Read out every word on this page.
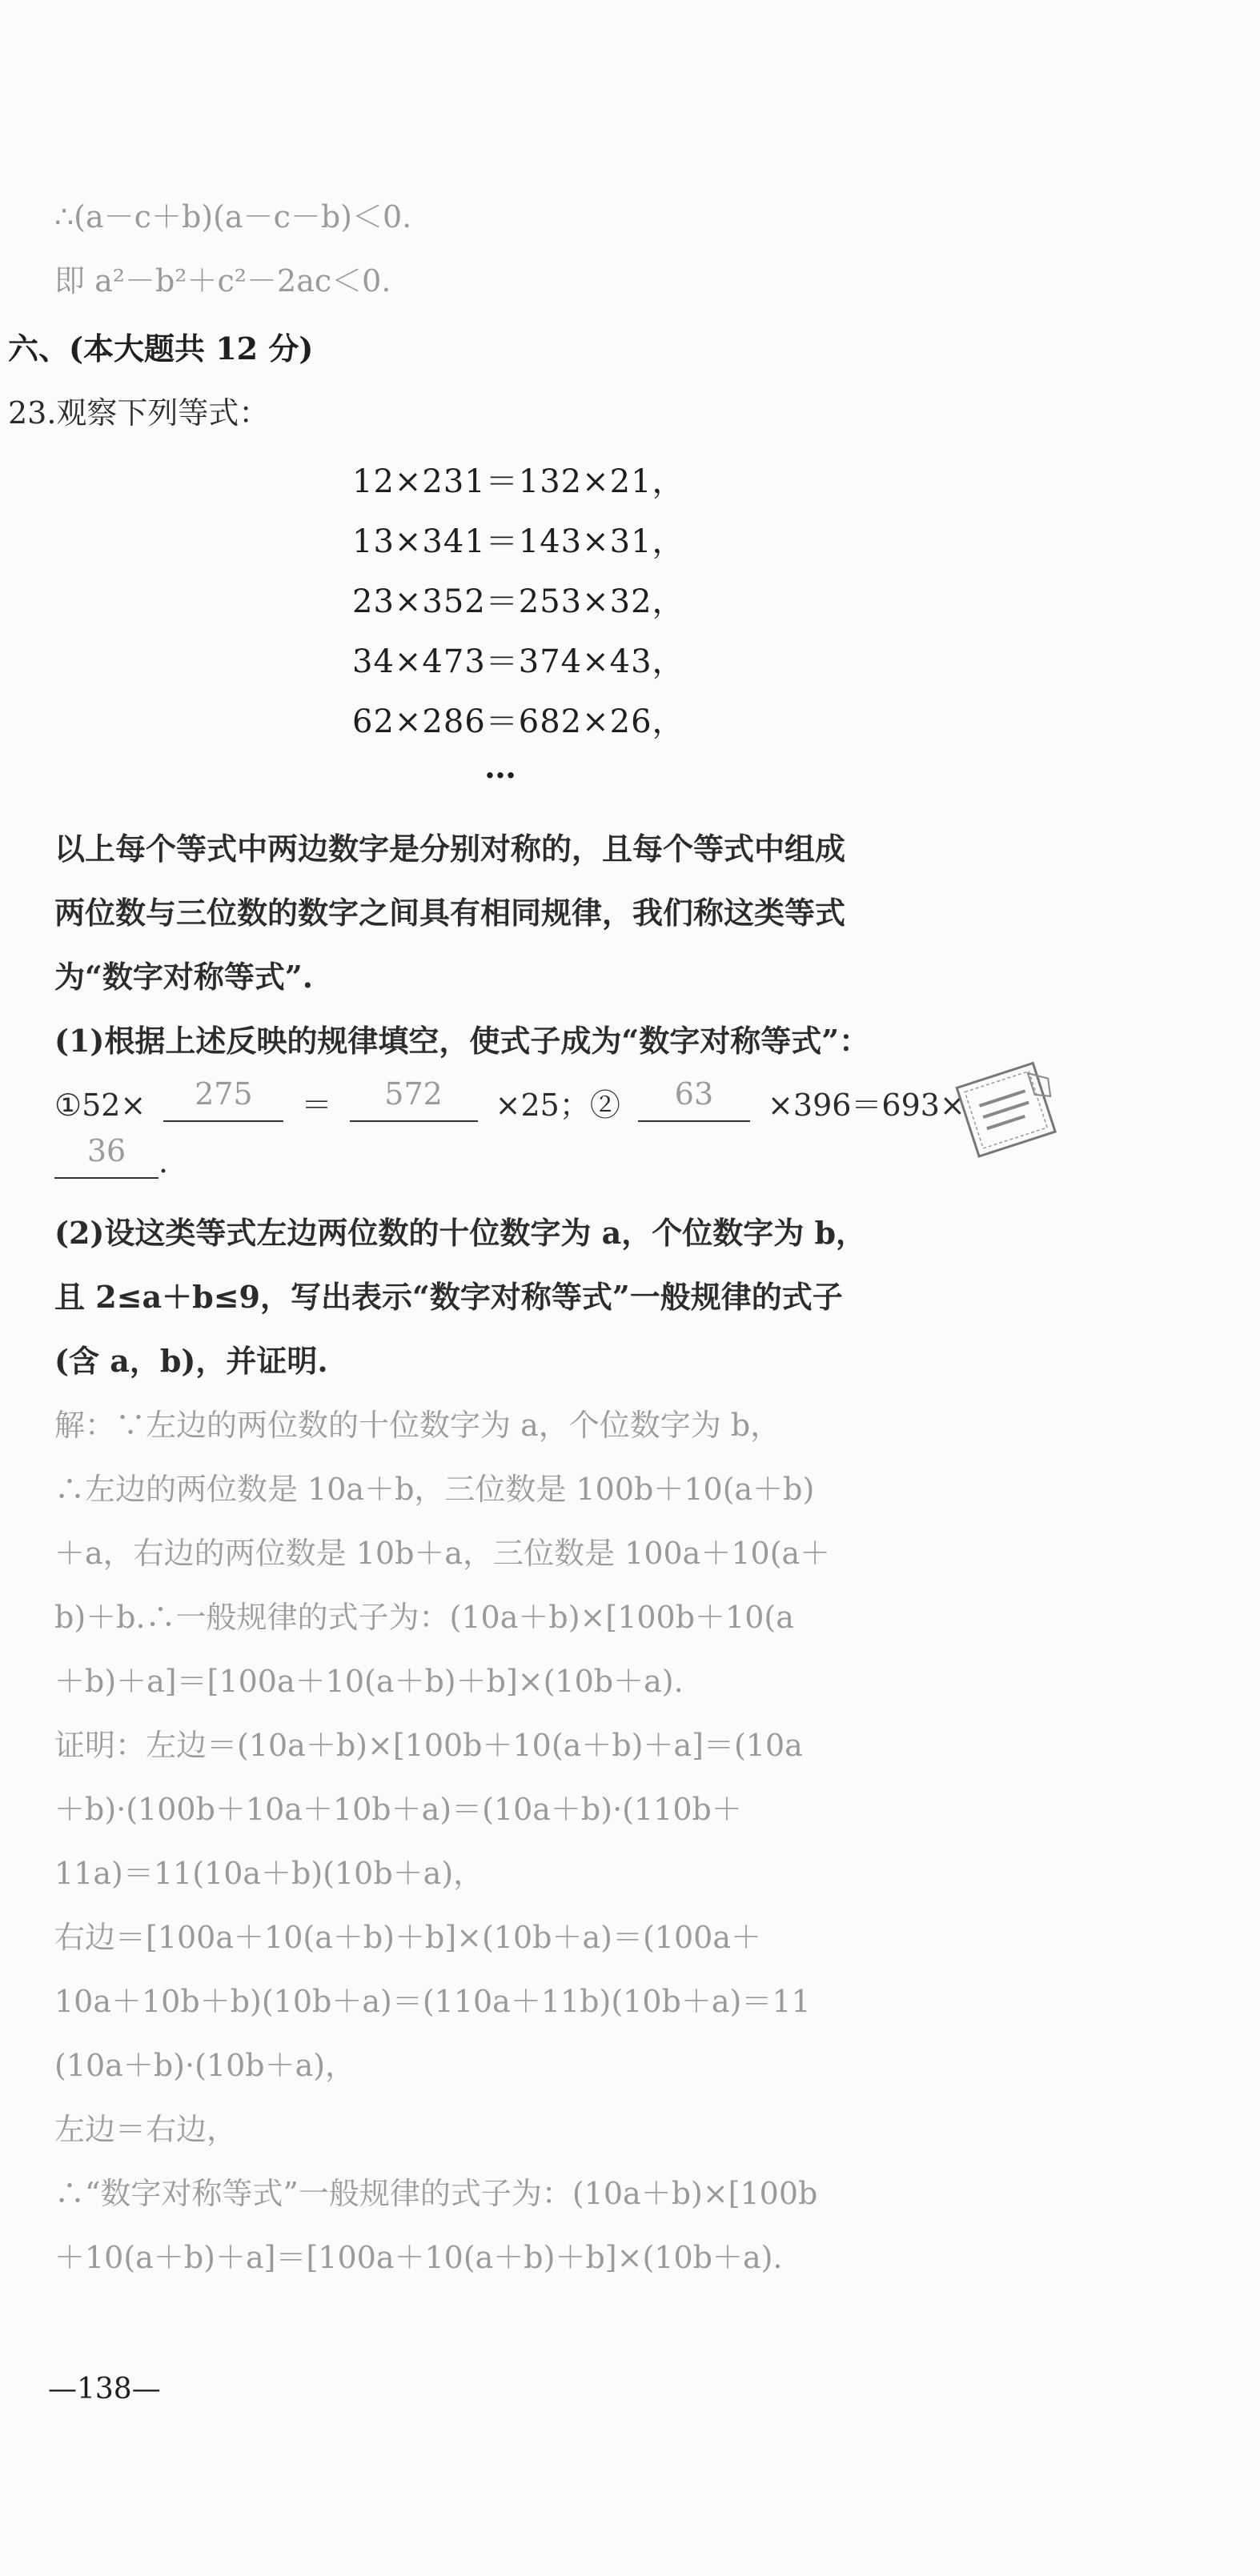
∴(a－c＋b)(a－c－b)＜0.
即 a²－b²＋c²－2ac＜0.
六、(本大题共 12 分)
23.观察下列等式：
12×231＝132×21，
13×341＝143×31，
23×352＝253×32，
34×473＝374×43，
62×286＝682×26，
…
以上每个等式中两边数字是分别对称的，且每个等式中组成
两位数与三位数的数字之间具有相同规律，我们称这类等式
为“数字对称等式”.
(1)根据上述反映的规律填空，使式子成为“数字对称等式”：
①52× 275 ＝ 572 ×25；② 63 ×396＝693×
36 .
(2)设这类等式左边两位数的十位数字为 a，个位数字为 b，
且 2≤a＋b≤9，写出表示“数字对称等式”一般规律的式子
(含 a，b)，并证明.
解：∵左边的两位数的十位数字为 a，个位数字为 b，
∴左边的两位数是 10a＋b，三位数是 100b＋10(a＋b)
＋a，右边的两位数是 10b＋a，三位数是 100a＋10(a＋
b)＋b.∴一般规律的式子为：(10a＋b)×[100b＋10(a
＋b)＋a]＝[100a＋10(a＋b)＋b]×(10b＋a).
证明：左边＝(10a＋b)×[100b＋10(a＋b)＋a]＝(10a
＋b)·(100b＋10a＋10b＋a)＝(10a＋b)·(110b＋
11a)＝11(10a＋b)(10b＋a)，
右边＝[100a＋10(a＋b)＋b]×(10b＋a)＝(100a＋
10a＋10b＋b)(10b＋a)＝(110a＋11b)(10b＋a)＝11
(10a＋b)·(10b＋a)，
左边＝右边，
∴“数字对称等式”一般规律的式子为：(10a＋b)×[100b
＋10(a＋b)＋a]＝[100a＋10(a＋b)＋b]×(10b＋a).
—138—
